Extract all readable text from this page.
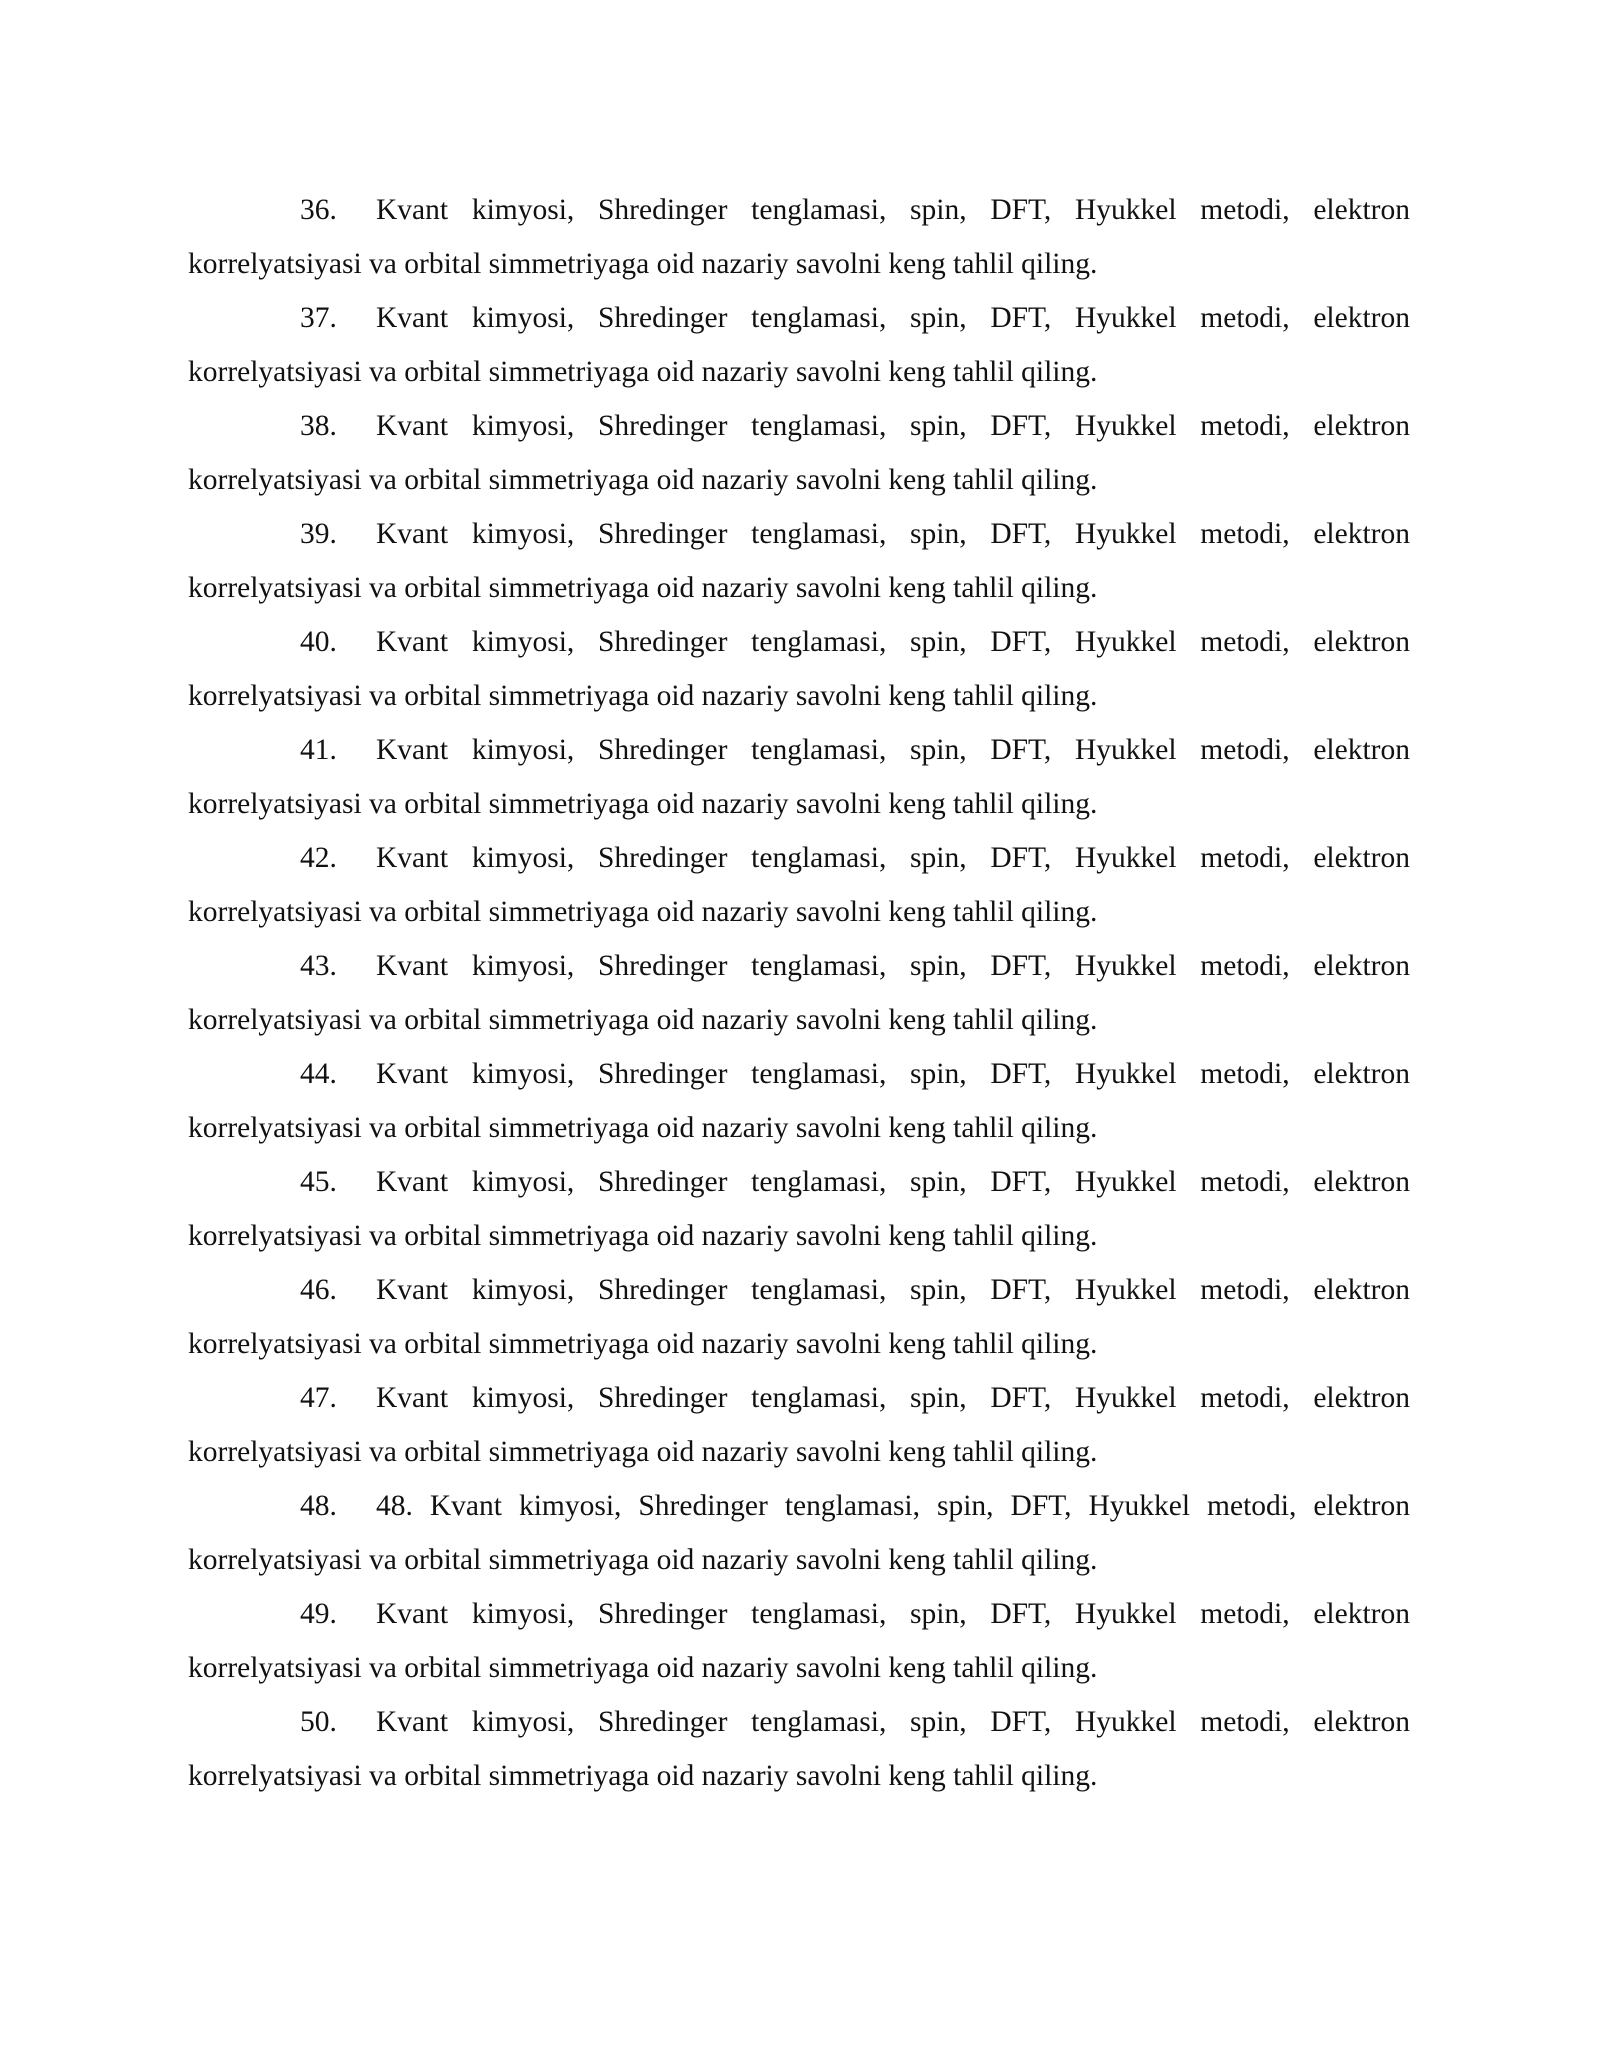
36.	Kvant kimyosi, Shredinger tenglamasi, spin, DFT, Hyukkel metodi, elektron
korrelyatsiyasi va orbital simmetriyaga oid nazariy savolni keng tahlil qiling.
37.	Kvant kimyosi, Shredinger tenglamasi, spin, DFT, Hyukkel metodi, elektron
korrelyatsiyasi va orbital simmetriyaga oid nazariy savolni keng tahlil qiling.
38.	Kvant kimyosi, Shredinger tenglamasi, spin, DFT, Hyukkel metodi, elektron
korrelyatsiyasi va orbital simmetriyaga oid nazariy savolni keng tahlil qiling.
39.	Kvant kimyosi, Shredinger tenglamasi, spin, DFT, Hyukkel metodi, elektron
korrelyatsiyasi va orbital simmetriyaga oid nazariy savolni keng tahlil qiling.
40.	Kvant kimyosi, Shredinger tenglamasi, spin, DFT, Hyukkel metodi, elektron
korrelyatsiyasi va orbital simmetriyaga oid nazariy savolni keng tahlil qiling.
41.	Kvant kimyosi, Shredinger tenglamasi, spin, DFT, Hyukkel metodi, elektron
korrelyatsiyasi va orbital simmetriyaga oid nazariy savolni keng tahlil qiling.
42.	Kvant kimyosi, Shredinger tenglamasi, spin, DFT, Hyukkel metodi, elektron
korrelyatsiyasi va orbital simmetriyaga oid nazariy savolni keng tahlil qiling.
43.	Kvant kimyosi, Shredinger tenglamasi, spin, DFT, Hyukkel metodi, elektron
korrelyatsiyasi va orbital simmetriyaga oid nazariy savolni keng tahlil qiling.
44.	Kvant kimyosi, Shredinger tenglamasi, spin, DFT, Hyukkel metodi, elektron
korrelyatsiyasi va orbital simmetriyaga oid nazariy savolni keng tahlil qiling.
45.	Kvant kimyosi, Shredinger tenglamasi, spin, DFT, Hyukkel metodi, elektron
korrelyatsiyasi va orbital simmetriyaga oid nazariy savolni keng tahlil qiling.
46.	Kvant kimyosi, Shredinger tenglamasi, spin, DFT, Hyukkel metodi, elektron
korrelyatsiyasi va orbital simmetriyaga oid nazariy savolni keng tahlil qiling.
47.	Kvant kimyosi, Shredinger tenglamasi, spin, DFT, Hyukkel metodi, elektron
korrelyatsiyasi va orbital simmetriyaga oid nazariy savolni keng tahlil qiling.
48.	48. Kvant kimyosi, Shredinger tenglamasi, spin, DFT, Hyukkel metodi, elektron
korrelyatsiyasi va orbital simmetriyaga oid nazariy savolni keng tahlil qiling.
49.	Kvant kimyosi, Shredinger tenglamasi, spin, DFT, Hyukkel metodi, elektron
korrelyatsiyasi va orbital simmetriyaga oid nazariy savolni keng tahlil qiling.
50.	Kvant kimyosi, Shredinger tenglamasi, spin, DFT, Hyukkel metodi, elektron
korrelyatsiyasi va orbital simmetriyaga oid nazariy savolni keng tahlil qiling.
